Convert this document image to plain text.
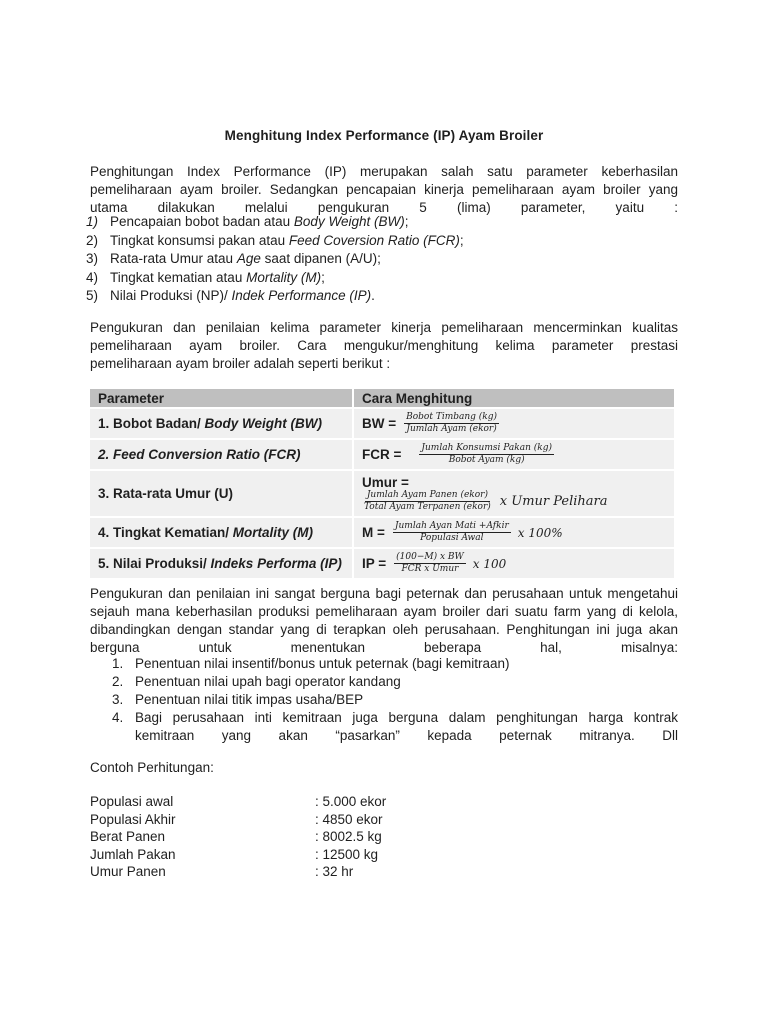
Menghitung Index Performance (IP) Ayam Broiler
Penghitungan Index Performance (IP) merupakan salah satu parameter keberhasilan pemeliharaan ayam broiler. Sedangkan pencapaian kinerja pemeliharaan ayam broiler yang utama dilakukan melalui pengukuran 5 (lima) parameter, yaitu :
1) Pencapaian bobot badan atau Body Weight (BW);
2) Tingkat konsumsi pakan atau Feed Coversion Ratio (FCR);
3) Rata-rata Umur atau Age saat dipanen (A/U);
4) Tingkat kematian atau Mortality (M);
5) Nilai Produksi (NP)/ Indek Performance (IP).
Pengukuran dan penilaian kelima parameter kinerja pemeliharaan mencerminkan kualitas
pemeliharaan ayam broiler. Cara mengukur/menghitung kelima parameter prestasi
pemeliharaan ayam broiler adalah seperti berikut :
Parameter	Cara Menghitung
1. Bobot Badan/ Body Weight (BW)	BW = $\frac{\text{Bobot Timbang (kg)}}{\text{Jumlah Ayam (ekor)}}$

2. Feed Conversion Ratio (FCR)	FCR = $\frac{\text{Jumlah Konsumsi Pakan (kg)}}{\text{Bobot Ayam (kg)}}$

3. Rata-rata Umur (U)	Umur =
$\frac{\text{Jumlah Ayam Panen (ekor)}}{\text{Total Ayam Terpanen (ekor)}}$ x Umur Pelihara

4. Tingkat Kematian/ Mortality (M)	$M = \frac{\text{Jumlah Ayan Mati +Afkir}}{\text{Populasi Awal}}$ x 100%

5. Nilai Produksi/ Indeks Performa (IP)	IP = $\frac{\text{(100−M) x BW}}{\text{FCR x Umur}}$ x 100
Pengukuran dan penilaian ini sangat berguna bagi peternak dan perusahaan untuk mengetahui sejauh mana keberhasilan produksi pemeliharaan ayam broiler dari suatu farm yang di kelola, dibandingkan dengan standar yang di terapkan oleh perusahaan. Penghitungan ini juga akan berguna untuk menentukan beberapa hal, misalnya:
1. Penentuan nilai insentif/bonus untuk peternak (bagi kemitraan)
2. Penentuan nilai upah bagi operator kandang
3. Penentuan nilai titik impas usaha/BEP
4. Bagi perusahaan inti kemitraan juga berguna dalam penghitungan harga kontrak kemitraan yang akan “pasarkan” kepada peternak mitranya. Dll
Contoh Perhitungan:
Populasi awal	: 5.000 ekor
Populasi Akhir	: 4850 ekor
Berat Panen	: 8002.5 kg
Jumlah Pakan	: 12500 kg
Umur Panen	: 32 hr
